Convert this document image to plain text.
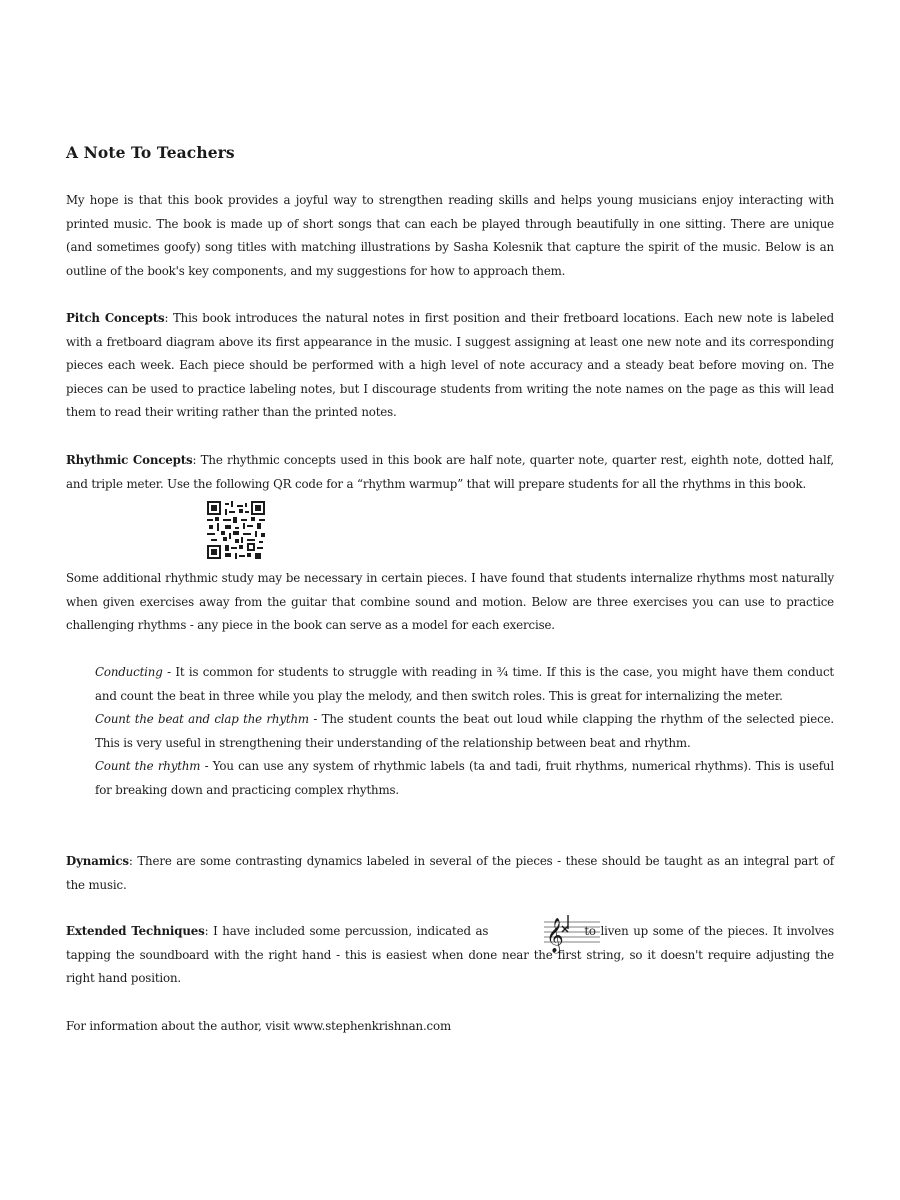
A Note To Teachers

My hope is that this book provides a joyful way to strengthen reading skills and helps young musicians enjoy interacting with printed music. The book is made up of short songs that can each be played through beautifully in one sitting. There are unique (and sometimes goofy) song titles with matching illustrations by Sasha Kolesnik that capture the spirit of the music. Below is an outline of the book's key components, and my suggestions for how to approach them.

Pitch Concepts: This book introduces the natural notes in first position and their fretboard locations. Each new note is labeled with a fretboard diagram above its first appearance in the music. I suggest assigning at least one new note and its corresponding pieces each week. Each piece should be performed with a high level of note accuracy and a steady beat before moving on. The pieces can be used to practice labeling notes, but I discourage students from writing the note names on the page as this will lead them to read their writing rather than the printed notes.

Rhythmic Concepts: The rhythmic concepts used in this book are half note, quarter note, quarter rest, eighth note, dotted half, and triple meter. Use the following QR code for a “rhythm warmup” that will prepare students for all the rhythms in this book.

Some additional rhythmic study may be necessary in certain pieces. I have found that students internalize rhythms most naturally when given exercises away from the guitar that combine sound and motion. Below are three exercises you can use to practice challenging rhythms - any piece in the book can serve as a model for each exercise.

Conducting - It is common for students to struggle with reading in ¾ time. If this is the case, you might have them conduct and count the beat in three while you play the melody, and then switch roles. This is great for internalizing the meter.
Count the beat and clap the rhythm - The student counts the beat out loud while clapping the rhythm of the selected piece. This is very useful in strengthening their understanding of the relationship between beat and rhythm.
Count the rhythm - You can use any system of rhythmic labels (ta and tadi, fruit rhythms, numerical rhythms). This is useful for breaking down and practicing complex rhythms.

Dynamics: There are some contrasting dynamics labeled in several of the pieces - these should be taught as an integral part of the music.

Extended Techniques: I have included some percussion, indicated as	to liven up some of the pieces. It involves tapping the soundboard with the right hand - this is easiest when done near the first string, so it doesn't require adjusting the right hand position.

𝄞

For information about the author, visit www.stephenkrishnan.com
